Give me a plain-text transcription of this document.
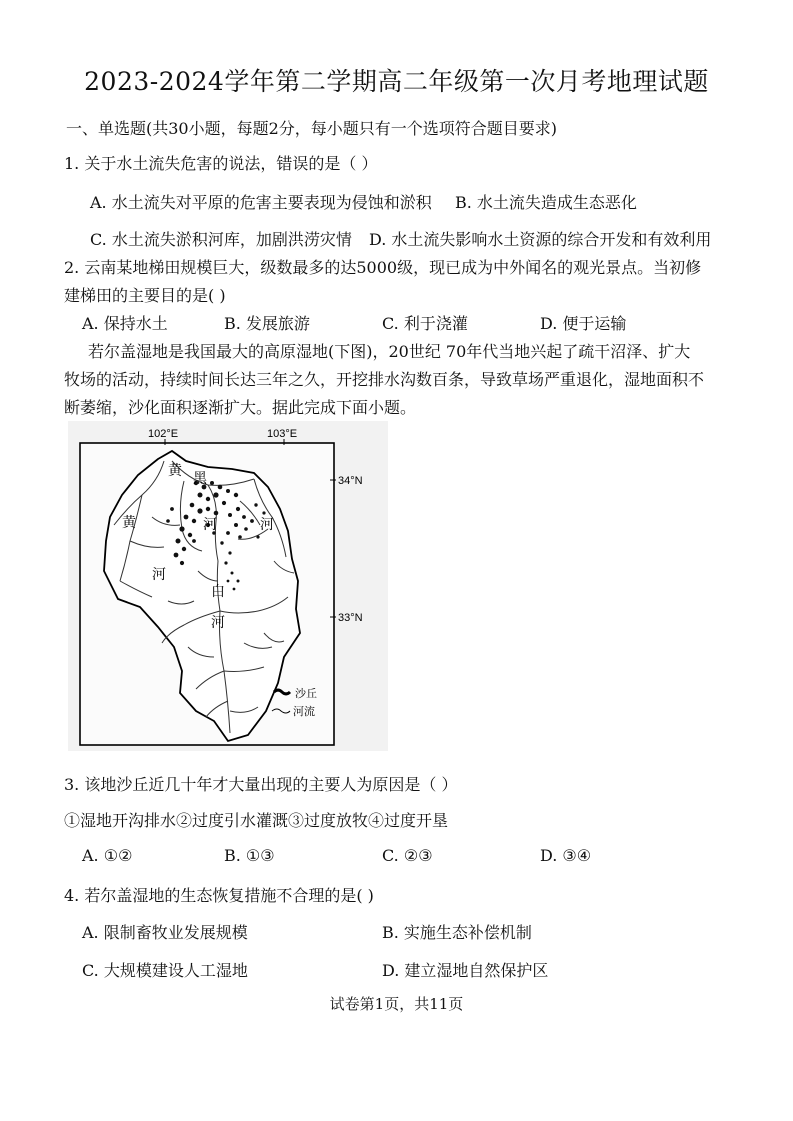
2023-2024学年第二学期高二年级第一次月考地理试题
一、单选题(共30小题，每题2分，每小题只有一个选项符合题目要求)
1. 关于水土流失危害的说法，错误的是（ ）
A. 水土流失对平原的危害主要表现为侵蚀和淤积 B. 水土流失造成生态恶化
C. 水土流失淤积河库，加剧洪涝灾情 D. 水土流失影响水土资源的综合开发和有效利用
2. 云南某地梯田规模巨大，级数最多的达5000级，现已成为中外闻名的观光景点。当初修
建梯田的主要目的是( )
A. 保持水土	B. 发展旅游	C. 利于浇灌	D. 便于运输
若尔盖湿地是我国最大的高原湿地(下图)，20世纪 70年代当地兴起了疏干沼泽、扩大
牧场的活动，持续时间长达三年之久，开挖排水沟数百条，导致草场严重退化，湿地面积不
断萎缩，沙化面积逐渐扩大。据此完成下面小题。
102°E	103°E
34°N
33°N
黄 黑
黄	河	河
河
白
河
沙丘
河流
3. 该地沙丘近几十年才大量出现的主要人为原因是（ ）
①湿地开沟排水②过度引水灌溉③过度放牧④过度开垦
A. ①②	B. ①③	C. ②③	D. ③④
4. 若尔盖湿地的生态恢复措施不合理的是( )
A. 限制畜牧业发展规模	B. 实施生态补偿机制
C. 大规模建设人工湿地	D. 建立湿地自然保护区
试卷第1页，共11页
